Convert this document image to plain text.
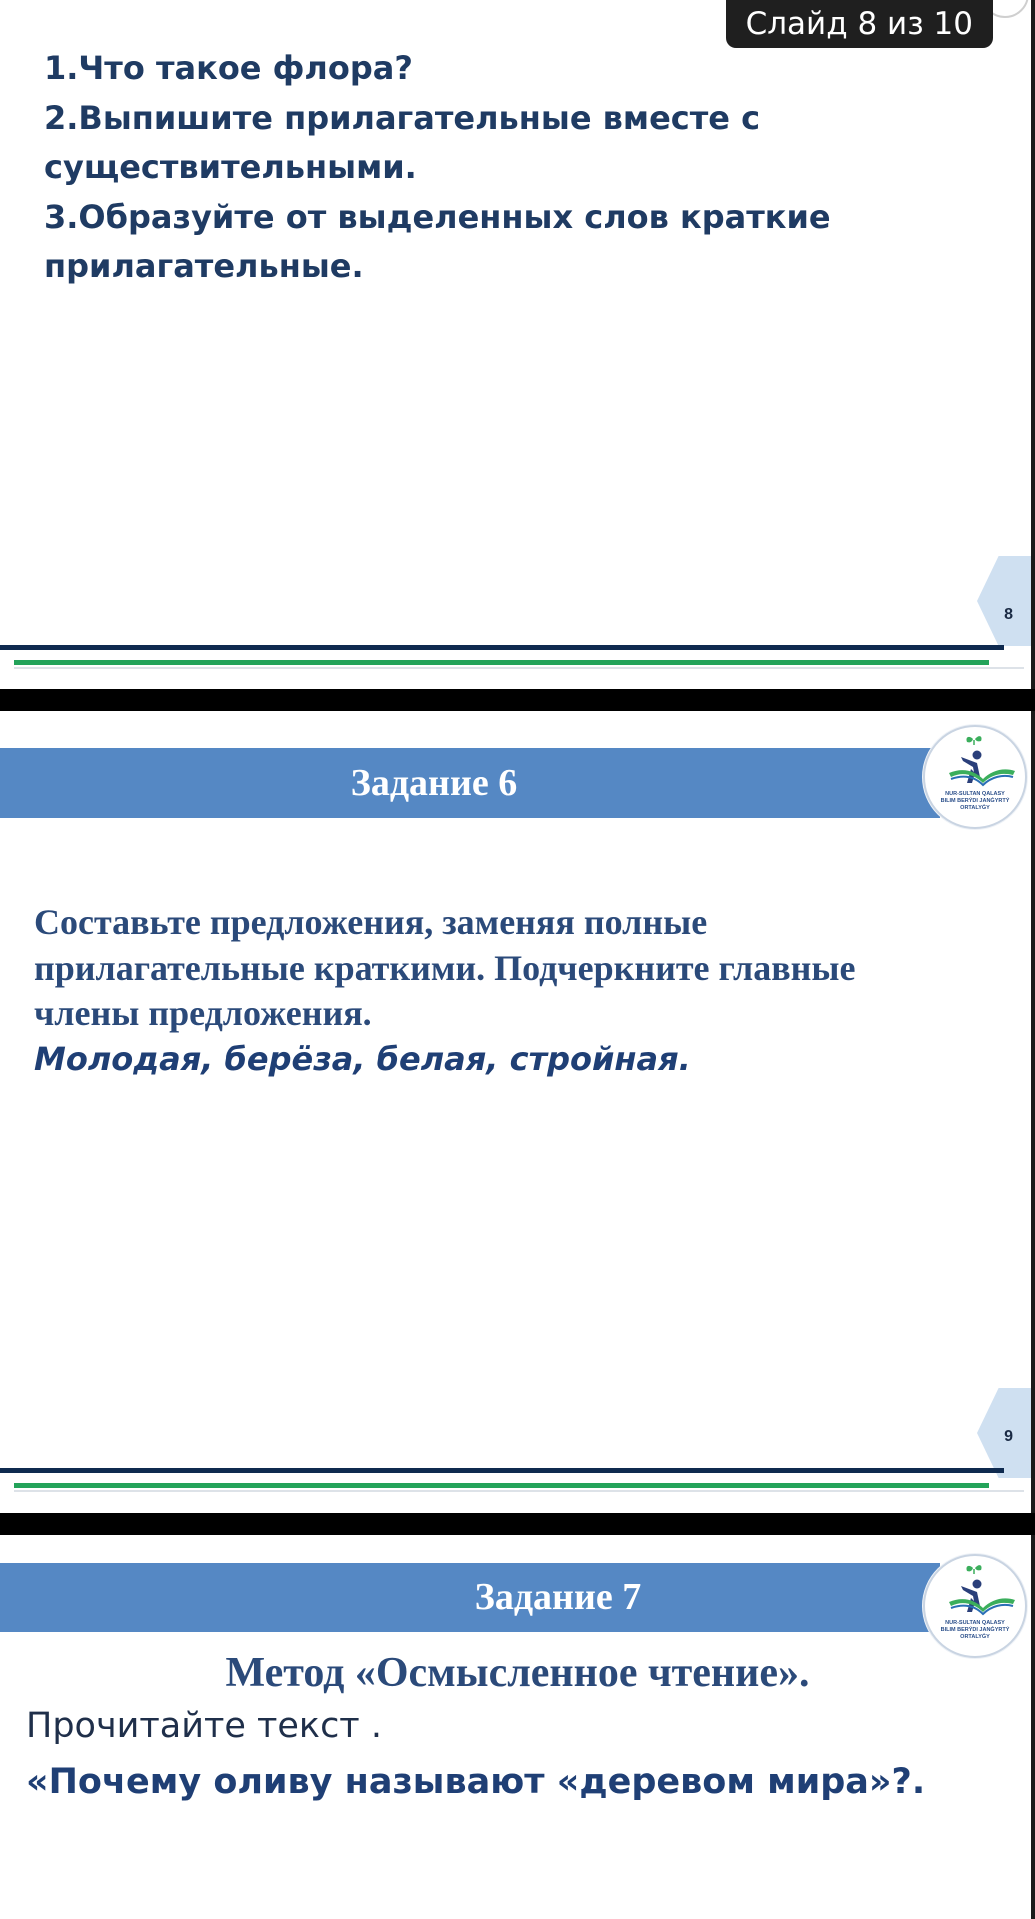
Слайд 8 из 10
1.Что такое флора?
2.Выпишите прилагательные вместе с
существительными.
3.Образуйте от выделенных слов краткие
прилагательные.
8
Задание 6	NUR-SULTAN QALASY
BILIM BERÝDI JANǴYRTÝ ORTALYǴY
Составьте предложения, заменяя полные
прилагательные краткими. Подчеркните главные
члены предложения.
Молодая, берёза, белая, стройная.
9
Задание 7
NUR-SULTAN QALASY
BILIM BERÝDI JANǴYRTÝ ORTALYǴY
Метод «Осмысленное чтение».
Прочитайте текст .
«Почему оливу называют «деревом мира»?.
